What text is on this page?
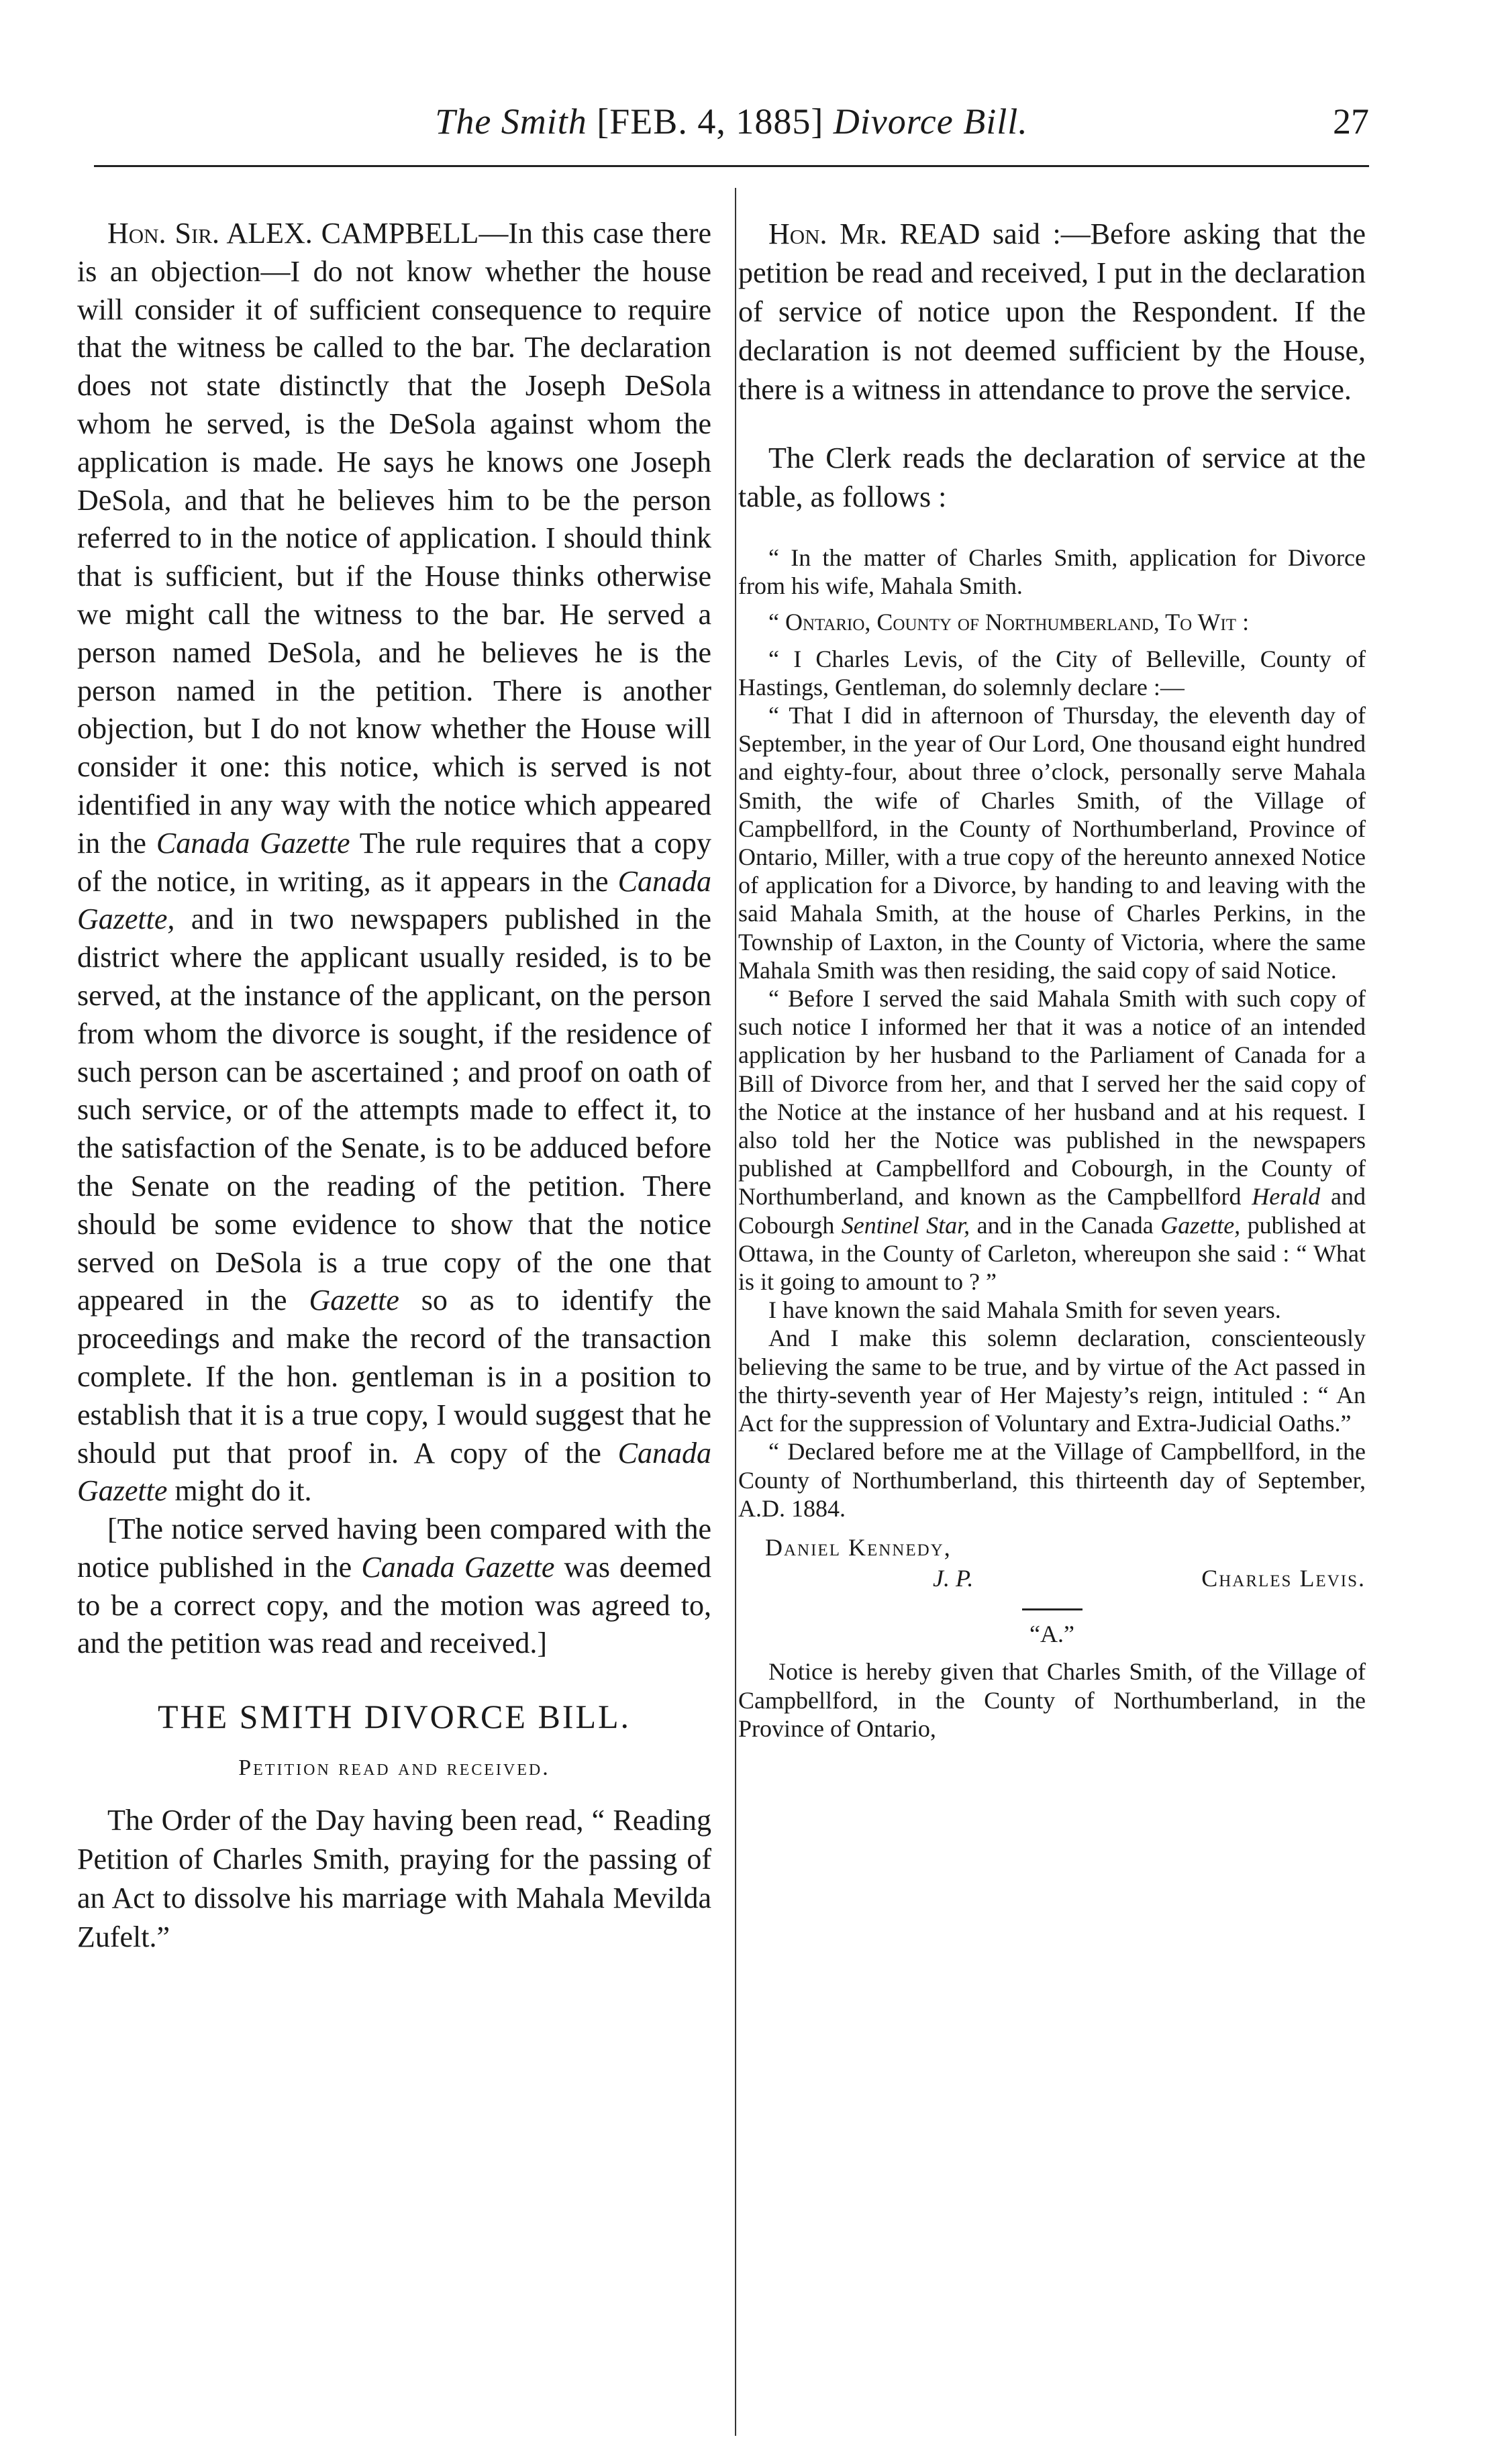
The Smith [FEB. 4, 1885] Divorce Bill.	27

Hon. Sir. ALEX. CAMPBELL—In this case there is an objection—I do not know whether the house will consider it of sufficient consequence to require that the witness be called to the bar. The declaration does not state distinctly that the Joseph DeSola whom he served, is the DeSola against whom the application is made. He says he knows one Joseph DeSola, and that he believes him to be the person referred to in the notice of application. I should think that is sufficient, but if the House thinks otherwise we might call the witness to the bar. He served a person named DeSola, and he believes he is the person named in the petition. There is another objection, but I do not know whether the House will consider it one: this notice, which is served is not identified in any way with the notice which appeared in the Canada Gazette The rule requires that a copy of the notice, in writing, as it appears in the Canada Gazette, and in two newspapers published in the district where the applicant usually resided, is to be served, at the instance of the applicant, on the person from whom the divorce is sought, if the residence of such person can be ascertained ; and proof on oath of such service, or of the attempts made to effect it, to the satisfaction of the Senate, is to be adduced before the Senate on the reading of the petition. There should be some evidence to show that the notice served on DeSola is a true copy of the one that appeared in the Gazette so as to identify the proceedings and make the record of the transaction complete. If the hon. gentleman is in a position to establish that it is a true copy, I would suggest that he should put that proof in. A copy of the Canada Gazette might do it.

[The notice served having been compared with the notice published in the Canada Gazette was deemed to be a correct copy, and the motion was agreed to, and the petition was read and received.]

THE SMITH DIVORCE BILL.
Petition read and received.

The Order of the Day having been read, “ Reading Petition of Charles Smith, praying for the passing of an Act to dissolve his marriage with Mahala Mevilda Zufelt.”

Hon. Mr. READ said :—Before asking that the petition be read and received, I put in the declaration of service of notice upon the Respondent. If the declaration is not deemed sufficient by the House, there is a witness in attendance to prove the service.

The Clerk reads the declaration of service at the table, as follows :

“ In the matter of Charles Smith, application for Divorce from his wife, Mahala Smith.

“ Ontario, County of Northumberland, To Wit :

“ I Charles Levis, of the City of Belleville, County of Hastings, Gentleman, do solemnly declare :—

“ That I did in afternoon of Thursday, the eleventh day of September, in the year of Our Lord, One thousand eight hundred and eighty-four, about three o’clock, personally serve Mahala Smith, the wife of Charles Smith, of the Village of Campbellford, in the County of Northumberland, Province of Ontario, Miller, with a true copy of the hereunto annexed Notice of application for a Divorce, by handing to and leaving with the said Mahala Smith, at the house of Charles Perkins, in the Township of Laxton, in the County of Victoria, where the same Mahala Smith was then residing, the said copy of said Notice.

“ Before I served the said Mahala Smith with such copy of such notice I informed her that it was a notice of an intended application by her husband to the Parliament of Canada for a Bill of Divorce from her, and that I served her the said copy of the Notice at the instance of her husband and at his request. I also told her the Notice was published in the newspapers published at Campbellford and Cobourgh, in the County of Northumberland, and known as the Campbellford Herald and Cobourgh Sentinel Star, and in the Canada Gazette, published at Ottawa, in the County of Carleton, whereupon she said : “ What is it going to amount to ? ”

I have known the said Mahala Smith for seven years.

And I make this solemn declaration, conscienteously believing the same to be true, and by virtue of the Act passed in the thirty-seventh year of Her Majesty’s reign, intituled : “ An Act for the suppression of Voluntary and Extra-Judicial Oaths.”

“ Declared before me at the Village of Campbellford, in the County of Northumberland, this thirteenth day of September, A.D. 1884.

Daniel Kennedy,
J. P.	Charles Levis.
“A.”

Notice is hereby given that Charles Smith, of the Village of Campbellford, in the County of Northumberland, in the Province of Ontario,
